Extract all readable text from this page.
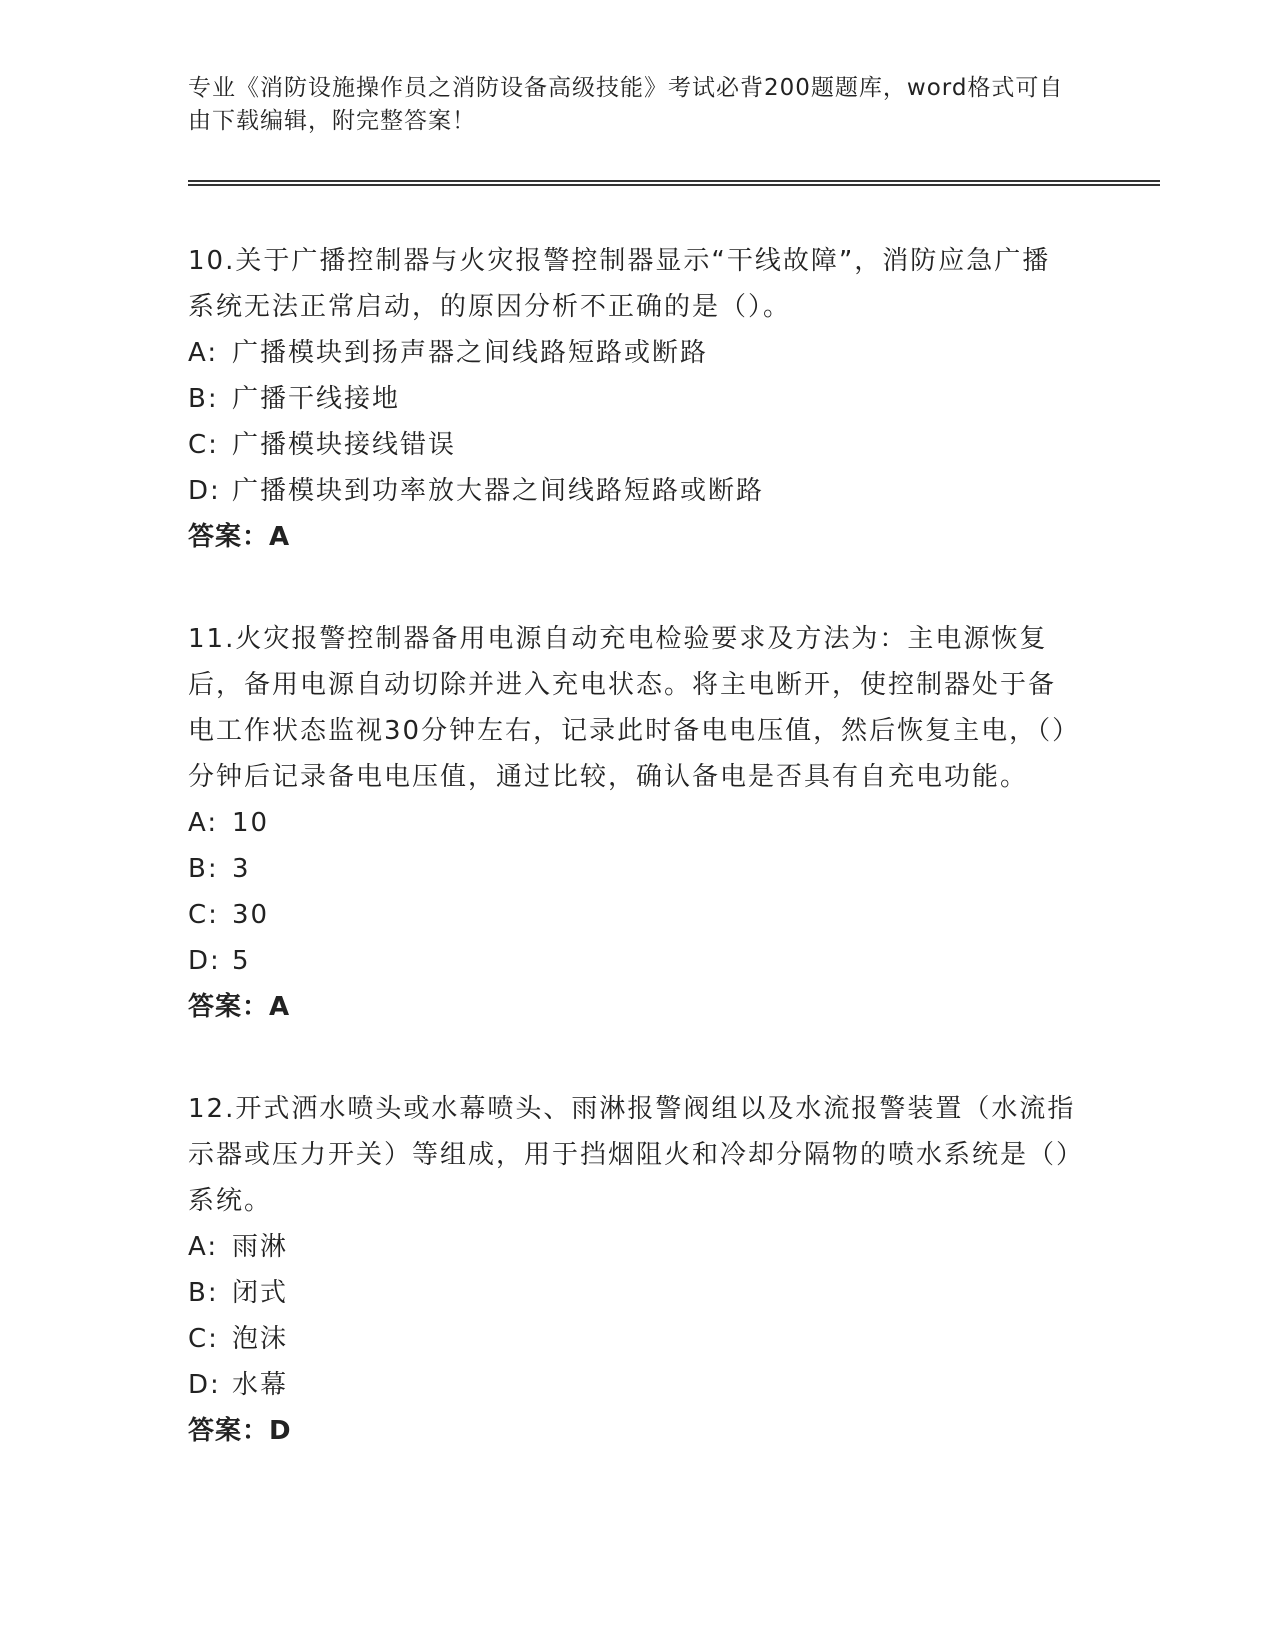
专业《消防设施操作员之消防设备高级技能》考试必背200题题库，word格式可自由下载编辑，附完整答案！
10.关于广播控制器与火灾报警控制器显示“干线故障”，消防应急广播系统无法正常启动，的原因分析不正确的是（）。
A: 广播模块到扬声器之间线路短路或断路
B: 广播干线接地
C: 广播模块接线错误
D: 广播模块到功率放大器之间线路短路或断路
答案：A
11.火灾报警控制器备用电源自动充电检验要求及方法为：主电源恢复后，备用电源自动切除并进入充电状态。将主电断开，使控制器处于备电工作状态监视30分钟左右，记录此时备电电压值，然后恢复主电，（）分钟后记录备电电压值，通过比较，确认备电是否具有自充电功能。
A: 10
B: 3
C: 30
D: 5
答案：A
12.开式洒水喷头或水幕喷头、雨淋报警阀组以及水流报警装置（水流指示器或压力开关）等组成，用于挡烟阻火和冷却分隔物的喷水系统是（）系统。
A: 雨淋
B: 闭式
C: 泡沫
D: 水幕
答案：D
